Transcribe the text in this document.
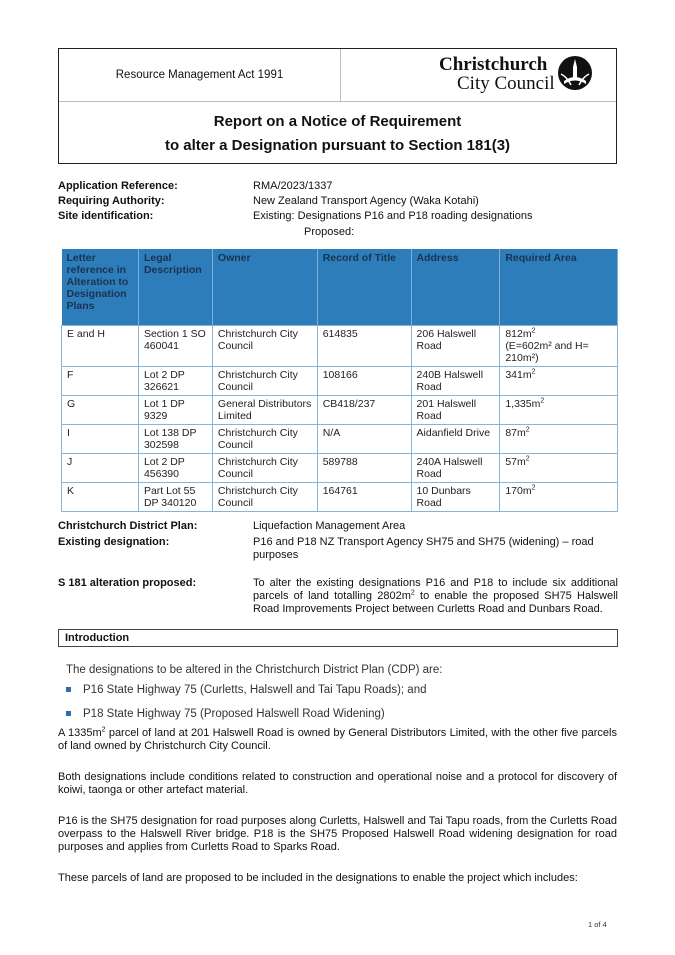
Resource Management Act 1991	Christchurch
City Council
Report on a Notice of Requirement
to alter a Designation pursuant to Section 181(3)
Application Reference:	RMA/2023/1337
Requiring Authority:	New Zealand Transport Agency (Waka Kotahi)
Site identification:	Existing: Designations P16 and P18 roading designations
Proposed:
Letter reference in Alteration to Designation Plans	Legal Description	Owner	Record of Title	Address	Required Area
E and H	Section 1 SO 460041	Christchurch City Council	614835	206 Halswell Road	$812m^2$
(E=602m² and H= 210m²)
F	Lot 2 DP 326621	Christchurch City Council	108166	240B Halswell Road	$341m^2$
G	Lot 1 DP 9329	General Distributors Limited	CB418/237	201 Halswell Road	$1,335m^2$
I	Lot 138 DP 302598	Christchurch City Council	N/A	Aidanfield Drive	$87m^2$
J	Lot 2 DP 456390	Christchurch City Council	589788	240A Halswell Road	$57m^2$
K	Part Lot 55 DP 340120	Christchurch City Council	164761	10 Dunbars Road	$170m^2$
Christchurch District Plan:	Liquefaction Management Area
Existing designation:	P16 and P18 NZ Transport Agency SH75 and SH75 (widening) – road purposes
S 181 alteration proposed:	To alter the existing designations P16 and P18 to include six additional parcels of land totalling $2802m^2$ to enable the proposed SH75 Halswell Road Improvements Project between Curletts Road and Dunbars Road.
Introduction
The designations to be altered in the Christchurch District Plan (CDP) are:
P16 State Highway 75 (Curletts, Halswell and Tai Tapu Roads); and
P18 State Highway 75 (Proposed Halswell Road Widening)
A $1335m^2$ parcel of land at 201 Halswell Road is owned by General Distributors Limited, with the other five parcels of land owned by Christchurch City Council.
Both designations include conditions related to construction and operational noise and a protocol for discovery of koiwi, taonga or other artefact material.
P16 is the SH75 designation for road purposes along Curletts, Halswell and Tai Tapu roads, from the Curletts Road overpass to the Halswell River bridge. P18 is the SH75 Proposed Halswell Road widening designation for road purposes and applies from Curletts Road to Sparks Road.
These parcels of land are proposed to be included in the designations to enable the project which includes:
1 of 4
